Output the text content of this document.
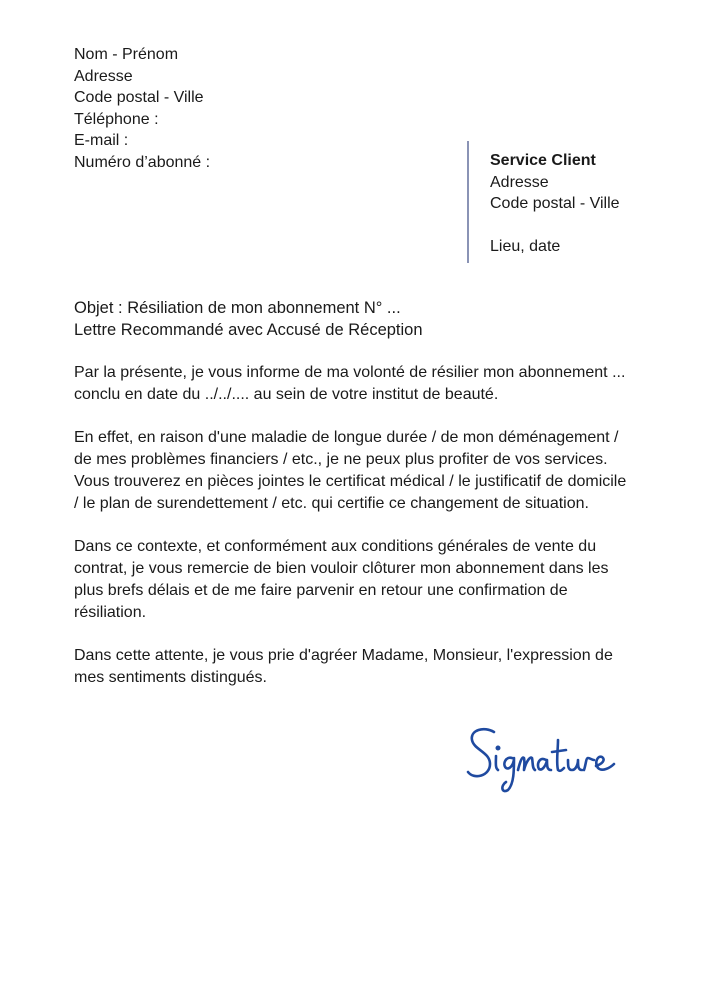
Nom - Prénom
Adresse
Code postal - Ville
Téléphone :
E-mail :
Numéro d’abonné :	Service Client
Adresse
Code postal - Ville
Lieu, date
Objet : Résiliation de mon abonnement N° ...
Lettre Recommandé avec Accusé de Réception

Par la présente, je vous informe de ma volonté de résilier mon abonnement ... conclu en date du ../../.... au sein de votre institut de beauté.

En effet, en raison d'une maladie de longue durée / de mon déménagement / de mes problèmes financiers / etc., je ne peux plus profiter de vos services. Vous trouverez en pièces jointes le certificat médical / le justificatif de domicile / le plan de surendettement / etc. qui certifie ce changement de situation.

Dans ce contexte, et conformément aux conditions générales de vente du contrat, je vous remercie de bien vouloir clôturer mon abonnement dans les plus brefs délais et de me faire parvenir en retour une confirmation de résiliation.

Dans cette attente, je vous prie d'agréer Madame, Monsieur, l'expression de mes sentiments distingués.
